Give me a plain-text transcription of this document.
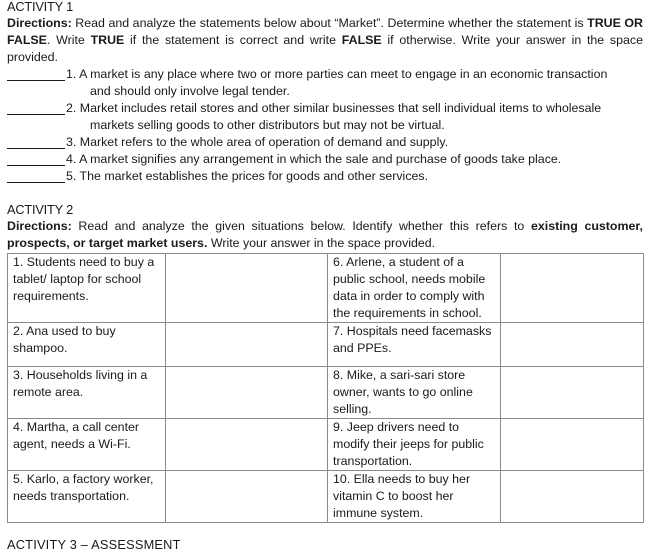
ACTIVITY 1

Directions: Read and analyze the statements below about “Market”. Determine whether the statement is TRUE OR FALSE. Write TRUE if the statement is correct and write FALSE if otherwise. Write your answer in the space provided.

1. A market is any place where two or more parties can meet to engage in an economic transaction
and should only involve legal tender.
2. Market includes retail stores and other similar businesses that sell individual items to wholesale
markets selling goods to other distributors but may not be virtual.
3. Market refers to the whole area of operation of demand and supply.
4. A market signifies any arrangement in which the sale and purchase of goods take place.
5. The market establishes the prices for goods and other services.
ACTIVITY 2

Directions: Read and analyze the given situations below. Identify whether this refers to existing customer, prospects, or target market users. Write your answer in the space provided.

1. Students need to buy a tablet/ laptop for school requirements.		6. Arlene, a student of a public school, needs mobile data in order to comply with the requirements in school.	
2. Ana used to buy shampoo.		7. Hospitals need facemasks and PPEs.	
3. Households living in a remote area.		8. Mike, a sari-sari store owner, wants to go online selling.	
4. Martha, a call center agent, needs a Wi-Fi.		9. Jeep drivers need to modify their jeeps for public transportation.	
5. Karlo, a factory worker, needs transportation.		10. Ella needs to buy her vitamin C to boost her immune system.	
ACTIVITY 3 – ASSESSMENT
